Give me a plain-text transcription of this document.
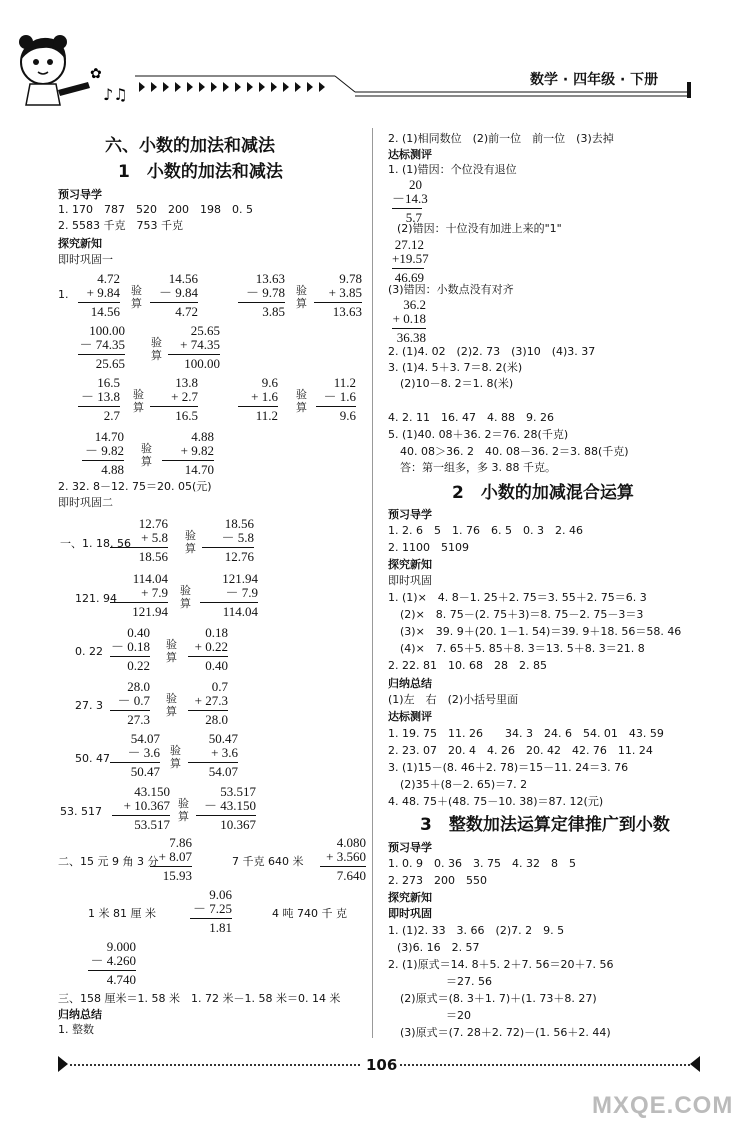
✿
♪♫
数学 · 四年级 · 下册
六、小数的加法和减法
1　小数的加法和减法
预习导学
1. 170　787　520　200　198　0. 5
2. 5583 千克　753 千克
探究新知
即时巩固一
1.
4.72
+ 9.84
14.56
验
算
14.56
－ 9.84
4.72
13.63
－ 9.78
3.85
验
算
9.78
+ 3.85
13.63
100.00
－ 74.35
25.65
验
算
25.65
+ 74.35
100.00
16.5
－ 13.8
2.7
验
算
13.8
+ 2.7
16.5
9.6
+ 1.6
11.2
验
算
11.2
－ 1.6
9.6
14.70
－ 9.82
4.88
验
算
4.88
+ 9.82
14.70
12.76
+ 5.8
18.56
验
算
18.56
－ 5.8
12.76
114.04
+ 7.9
121.94
验
算
121.94
－ 7.9
114.04
0.40
－ 0.18
0.22
验
算
0.18
+ 0.22
0.40
28.0
－ 0.7
27.3
验
算
0.7
+ 27.3
28.0
54.07
－ 3.6
50.47
验
算
50.47
+ 3.6
54.07
43.150
+ 10.367
53.517
验
算
53.517
－ 43.150
10.367
7.86
+ 8.07
15.93
4.080
+ 3.560
7.640
9.06
－ 7.25
1.81
9.000
－ 4.260
4.740
20
－14.3
5.7
27.12
+19.57
46.69
36.2
+ 0.18
36.38
2. 32. 8－12. 75＝20. 05(元)
即时巩固二
一、1. 18. 56
121. 94
0. 22
27. 3
50. 47
53. 517
二、15 元 9 角 3 分	7 千克 640 米
1 米 81 厘 米	4 吨 740 千 克
三、158 厘米＝1. 58 米　1. 72 米－1. 58 米＝0. 14 米
归纳总结
1. 整数
2. (1)相同数位　(2)前一位　前一位　(3)去掉
达标测评
1. (1)错因：个位没有退位
(2)错因：十位没有加进上来的"1"
(3)错因：小数点没有对齐
2. (1)4. 02　(2)2. 73　(3)10　(4)3. 37
3. (1)4. 5＋3. 7＝8. 2(米)
(2)10－8. 2＝1. 8(米)
4. 2. 11　16. 47　4. 88　9. 26
5. (1)40. 08＋36. 2＝76. 28(千克)
40. 08＞36. 2　40. 08－36. 2＝3. 88(千克)
答：第一组多，多 3. 88 千克。
2　小数的加减混合运算
预习导学
1. 2. 6　5　1. 76　6. 5　0. 3　2. 46
2. 1100　5109
探究新知
即时巩固
1. (1)×　4. 8－1. 25＋2. 75＝3. 55＋2. 75＝6. 3
(2)×　8. 75－(2. 75＋3)＝8. 75－2. 75－3＝3
(3)×　39. 9＋(20. 1－1. 54)＝39. 9＋18. 56＝58. 46
(4)×　7. 65＋5. 85＋8. 3＝13. 5＋8. 3＝21. 8
2. 22. 81　10. 68　28　2. 85
归纳总结
(1)左　右　(2)小括号里面
达标测评
1. 19. 75　11. 26　　34. 3　24. 6　54. 01　43. 59
2. 23. 07　20. 4　4. 26　20. 42　42. 76　11. 24
3. (1)15－(8. 46＋2. 78)＝15－11. 24＝3. 76
(2)35＋(8－2. 65)＝7. 2
4. 48. 75＋(48. 75－10. 38)＝87. 12(元)
3　整数加法运算定律推广到小数
预习导学
1. 0. 9　0. 36　3. 75　4. 32　8　5
2. 273　200　550
探究新知
即时巩固
1. (1)2. 33　3. 66　(2)7. 2　9. 5
(3)6. 16　2. 57
2. (1)原式＝14. 8＋5. 2＋7. 56＝20＋7. 56
＝27. 56
(2)原式＝(8. 3＋1. 7)＋(1. 73＋8. 27)
＝20
(3)原式＝(7. 28＋2. 72)－(1. 56＋2. 44)
106
MXQE.COM
